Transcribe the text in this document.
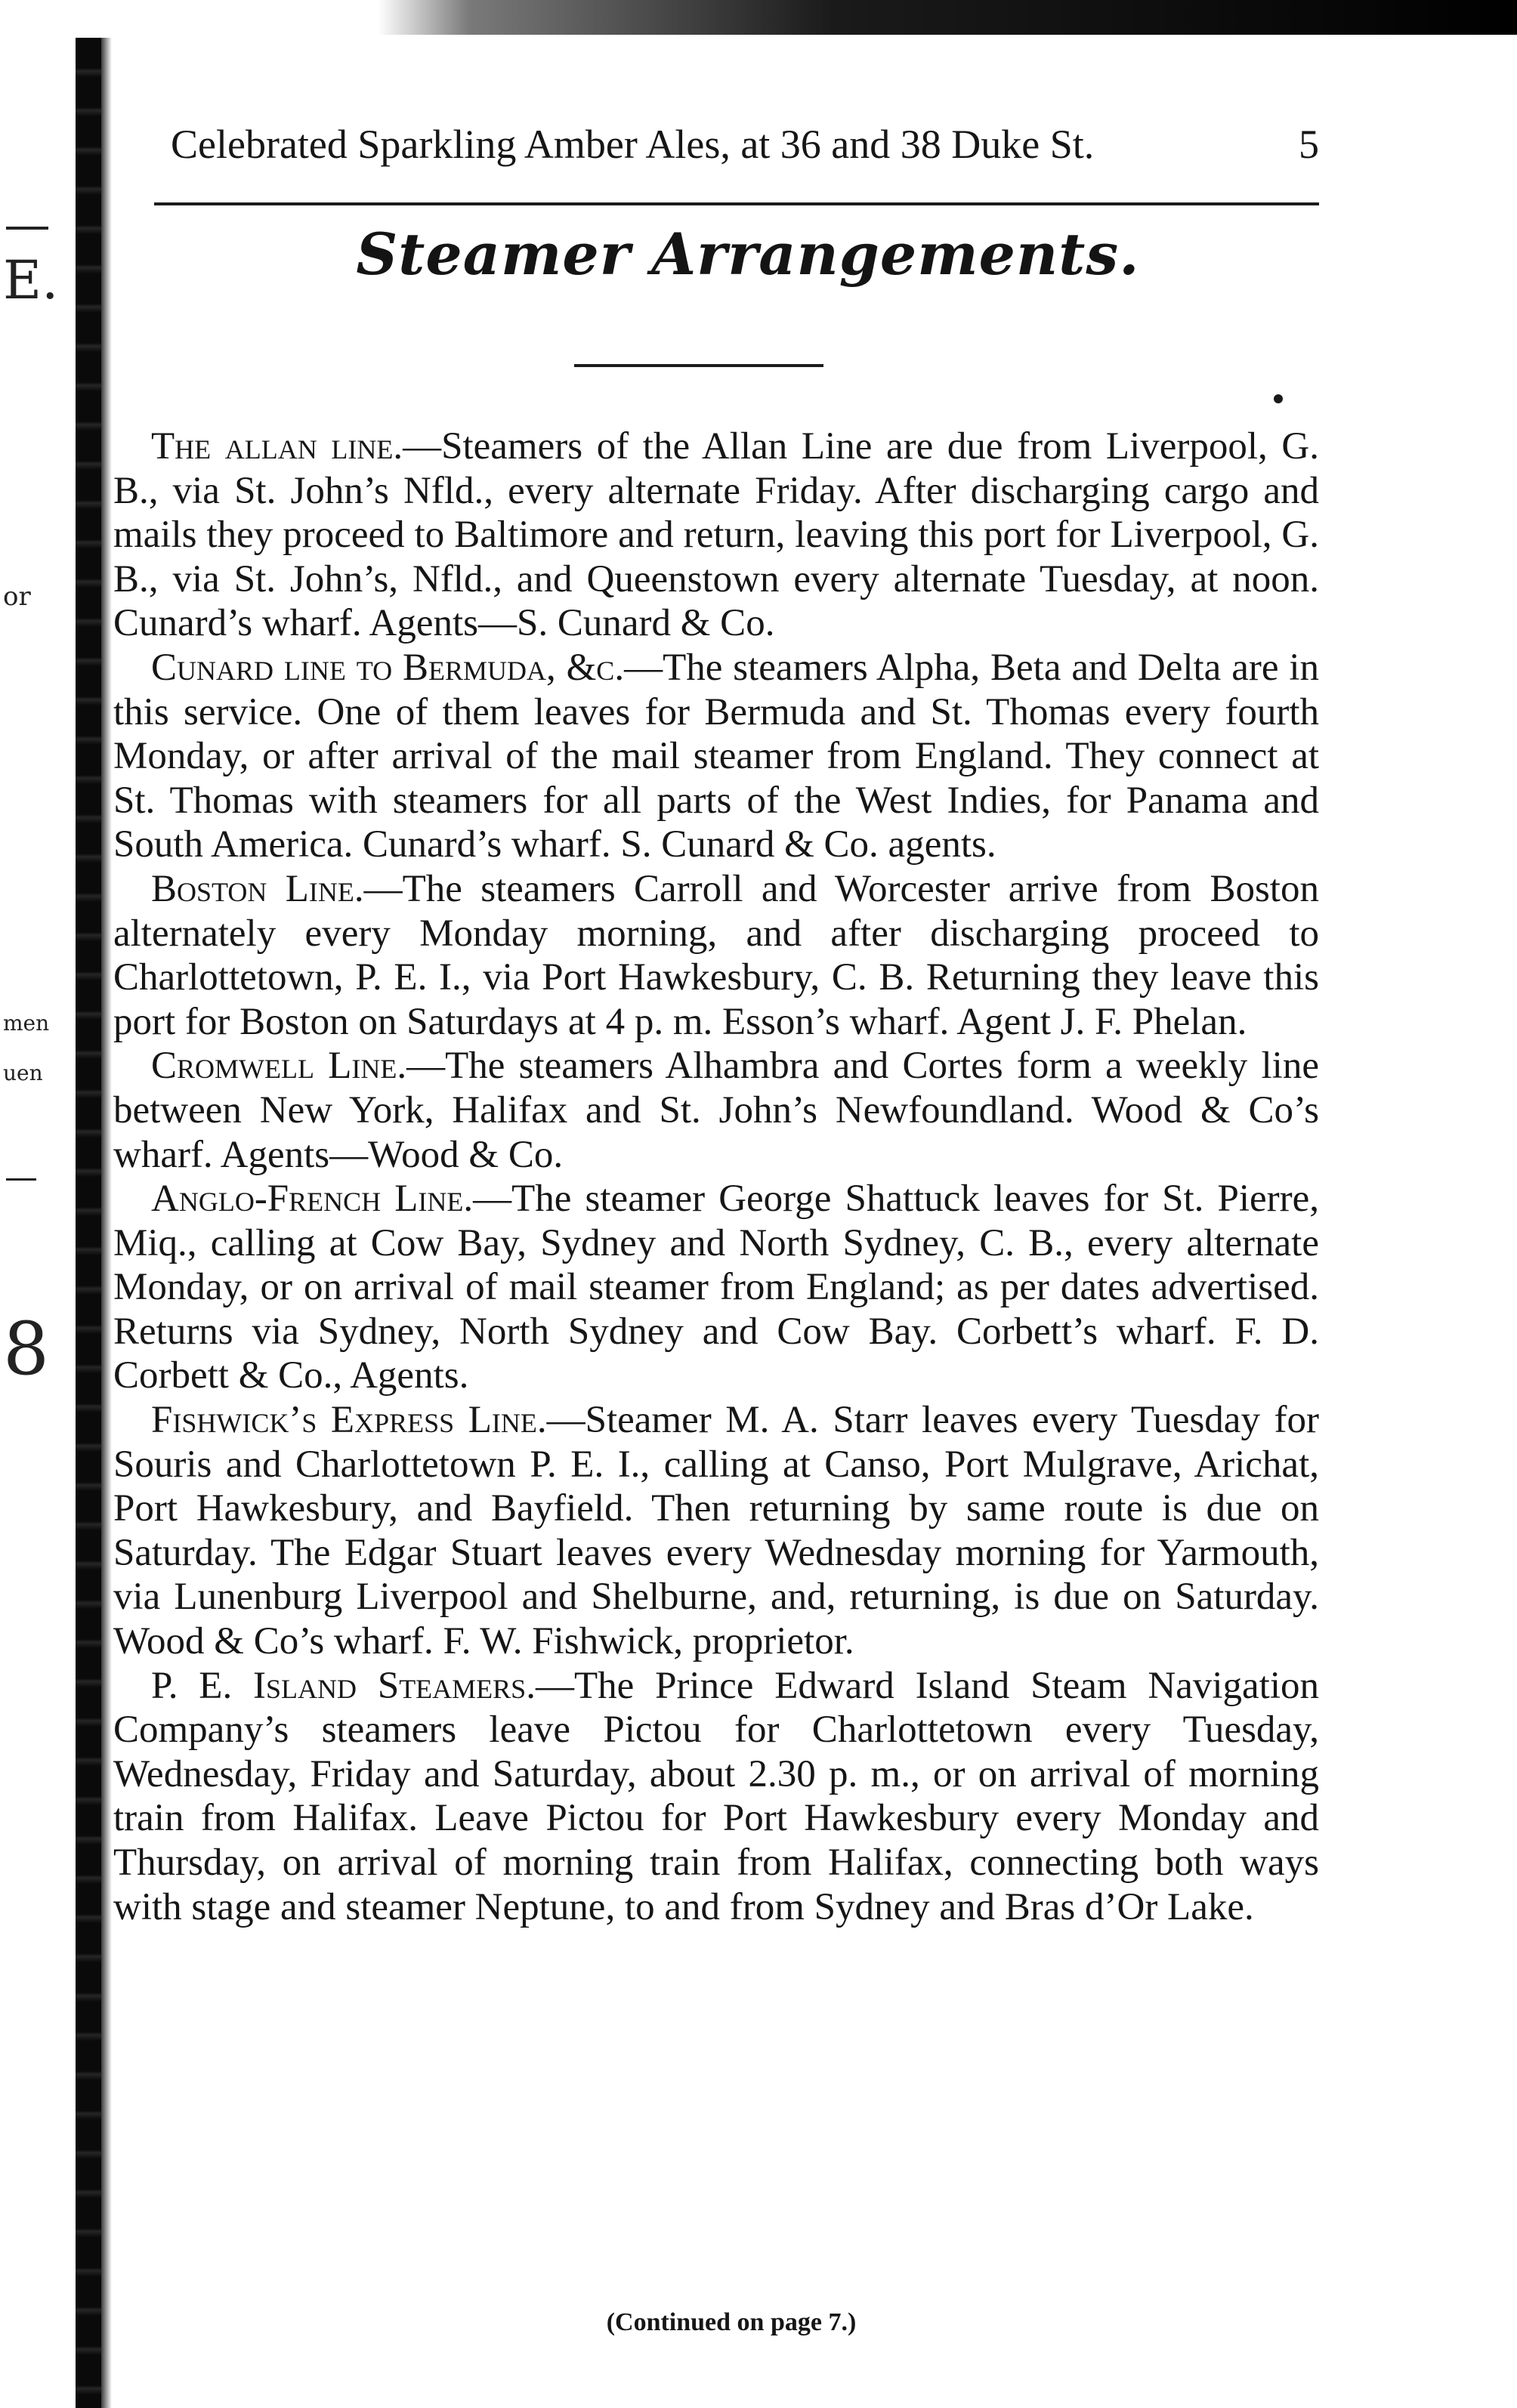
E.
or
men
uen
8
Celebrated Sparkling Amber Ales, at 36 and 38 Duke St.	5
Steamer Arrangements.

The allan line.—Steamers of the Allan Line are due from Liverpool, G. B., via St. John’s Nfld., every alternate Friday. After discharging cargo and mails they proceed to Baltimore and return, leaving this port for Liverpool, G. B., via St. John’s, Nfld., and Queenstown every alternate Tuesday, at noon. Cunard’s wharf. Agents—S. Cunard & Co.

Cunard line to Bermuda, &c.—The steamers Alpha, Beta and Delta are in this service. One of them leaves for Bermuda and St. Thomas every fourth Monday, or after arrival of the mail steamer from England. They connect at St. Thomas with steamers for all parts of the West Indies, for Panama and South America. Cunard’s wharf. S. Cunard & Co. agents.

Boston Line.—The steamers Carroll and Worcester arrive from Boston alternately every Monday morning, and after discharging proceed to Charlottetown, P. E. I., via Port Hawkesbury, C. B. Returning they leave this port for Boston on Saturdays at 4 p. m. Esson’s wharf. Agent J. F. Phelan.

Cromwell Line.—The steamers Alhambra and Cortes form a weekly line between New York, Halifax and St. John’s Newfoundland. Wood & Co’s wharf. Agents—Wood & Co.

Anglo-French Line.—The steamer George Shattuck leaves for St. Pierre, Miq., calling at Cow Bay, Sydney and North Sydney, C. B., every alternate Monday, or on arrival of mail steamer from England; as per dates advertised. Returns via Sydney, North Sydney and Cow Bay. Corbett’s wharf. F. D. Corbett & Co., Agents.

Fishwick’s Express Line.—Steamer M. A. Starr leaves every Tuesday for Souris and Charlottetown P. E. I., calling at Canso, Port Mulgrave, Arichat, Port Hawkesbury, and Bayfield. Then returning by same route is due on Saturday. The Edgar Stuart leaves every Wednesday morning for Yarmouth, via Lunenburg Liverpool and Shelburne, and, returning, is due on Saturday. Wood & Co’s wharf. F. W. Fishwick, proprietor.

P. E. Island Steamers.—The Prince Edward Island Steam Navigation Company’s steamers leave Pictou for Charlottetown every Tuesday, Wednesday, Friday and Saturday, about 2.30 p. m., or on arrival of morning train from Halifax. Leave Pictou for Port Hawkesbury every Monday and Thursday, on arrival of morning train from Halifax, connecting both ways with stage and steamer Neptune, to and from Sydney and Bras d’Or Lake.

(Continued on page 7.)
